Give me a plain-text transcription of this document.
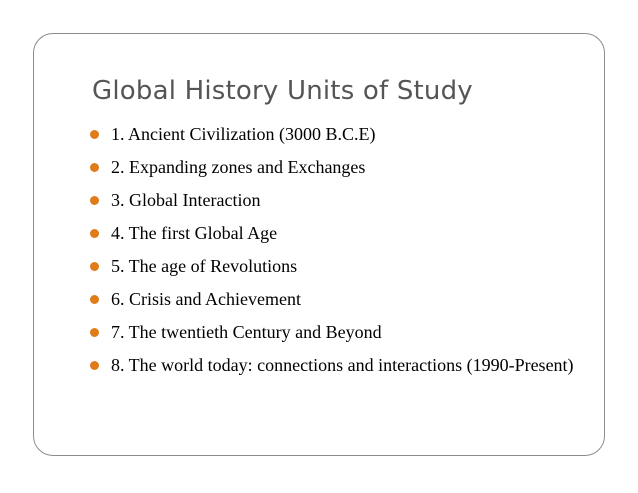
Global History Units of Study
1. Ancient Civilization (3000 B.C.E)
2. Expanding zones and Exchanges
3. Global Interaction
4. The first Global Age
5. The age of Revolutions
6. Crisis and Achievement
7. The twentieth Century and Beyond
8. The world today: connections and interactions (1990-Present)
